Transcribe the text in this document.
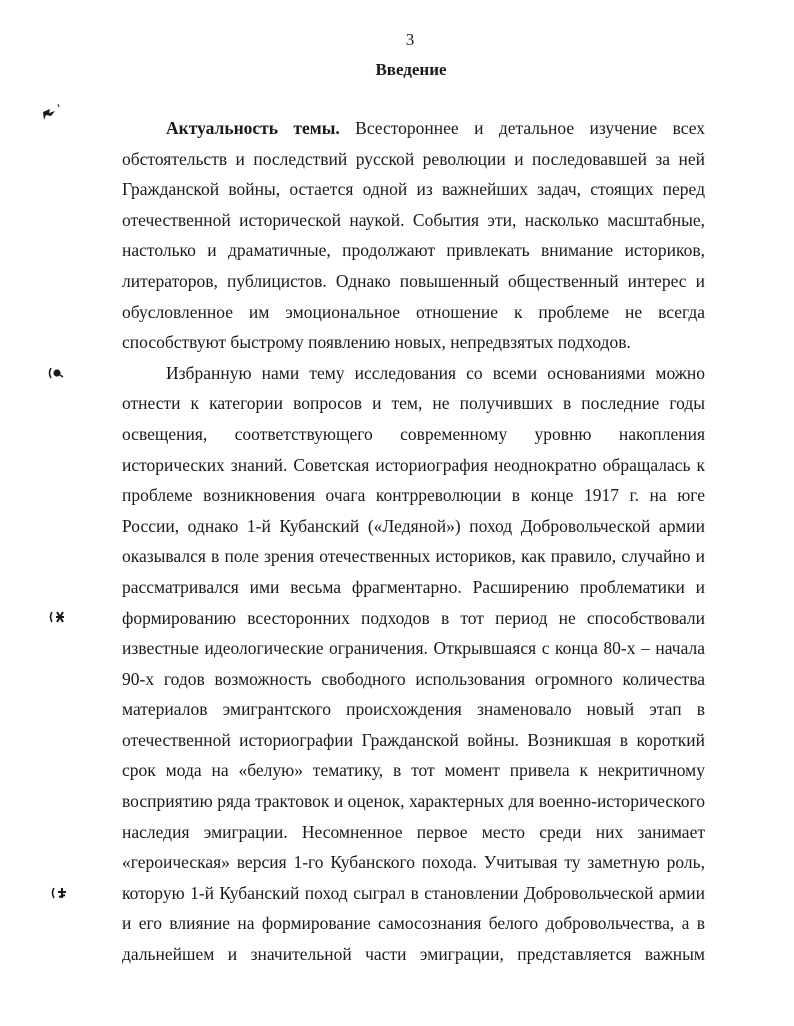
3
Введение
Актуальность темы. Всестороннее и детальное изучение всех
обстоятельств и последствий русской революции и последовавшей за ней
Гражданской войны, остается одной из важнейших задач, стоящих перед
отечественной исторической наукой. События эти, насколько масштабные,
настолько и драматичные, продолжают привлекать внимание историков,
литераторов, публицистов. Однако повышенный общественный интерес и
обусловленное им эмоциональное отношение к проблеме не всегда
способствуют быстрому появлению новых, непредвзятых подходов.
Избранную нами тему исследования со всеми основаниями можно
отнести к категории вопросов и тем, не получивших в последние годы
освещения, соответствующего современному уровню накопления
исторических знаний. Советская историография неоднократно обращалась к
проблеме возникновения очага контрреволюции в конце 1917 г. на юге
России, однако 1-й Кубанский («Ледяной») поход Добровольческой армии
оказывался в поле зрения отечественных историков, как правило, случайно и
рассматривался ими весьма фрагментарно. Расширению проблематики и
формированию всесторонних подходов в тот период не способствовали
известные идеологические ограничения. Открывшаяся с конца 80-х – начала
90-х годов возможность свободного использования огромного количества
материалов эмигрантского происхождения знаменовало новый этап в
отечественной историографии Гражданской войны. Возникшая в короткий
срок мода на «белую» тематику, в тот момент привела к некритичному
восприятию ряда трактовок и оценок, характерных для военно-исторического
наследия эмиграции. Несомненное первое место среди них занимает
«героическая» версия 1-го Кубанского похода. Учитывая ту заметную роль,
которую 1-й Кубанский поход сыграл в становлении Добровольческой армии
и его влияние на формирование самосознания белого добровольчества, а в
дальнейшем и значительной части эмиграции, представляется важным
